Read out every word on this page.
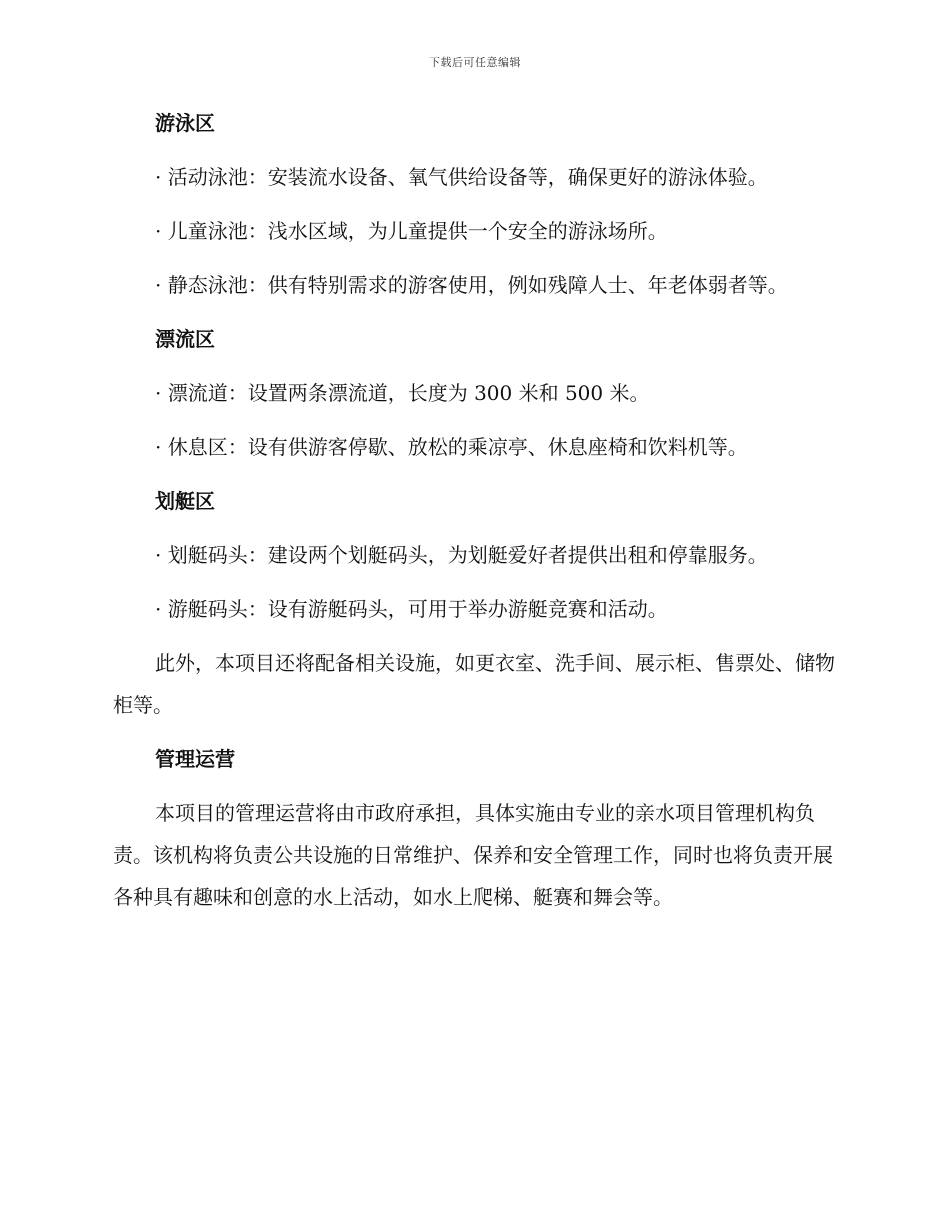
下载后可任意编辑
游泳区

· 活动泳池：安装流水设备、氧气供给设备等，确保更好的游泳体验。

· 儿童泳池：浅水区域，为儿童提供一个安全的游泳场所。

· 静态泳池：供有特别需求的游客使用，例如残障人士、年老体弱者等。

漂流区

· 漂流道：设置两条漂流道，长度为 300 米和 500 米。

· 休息区：设有供游客停歇、放松的乘凉亭、休息座椅和饮料机等。

划艇区

· 划艇码头：建设两个划艇码头，为划艇爱好者提供出租和停靠服务。

· 游艇码头：设有游艇码头，可用于举办游艇竞赛和活动。

此外，本项目还将配备相关设施，如更衣室、洗手间、展示柜、售票处、储物柜等。

管理运营

本项目的管理运营将由市政府承担，具体实施由专业的亲水项目管理机构负责。该机构将负责公共设施的日常维护、保养和安全管理工作，同时也将负责开展各种具有趣味和创意的水上活动，如水上爬梯、艇赛和舞会等。
